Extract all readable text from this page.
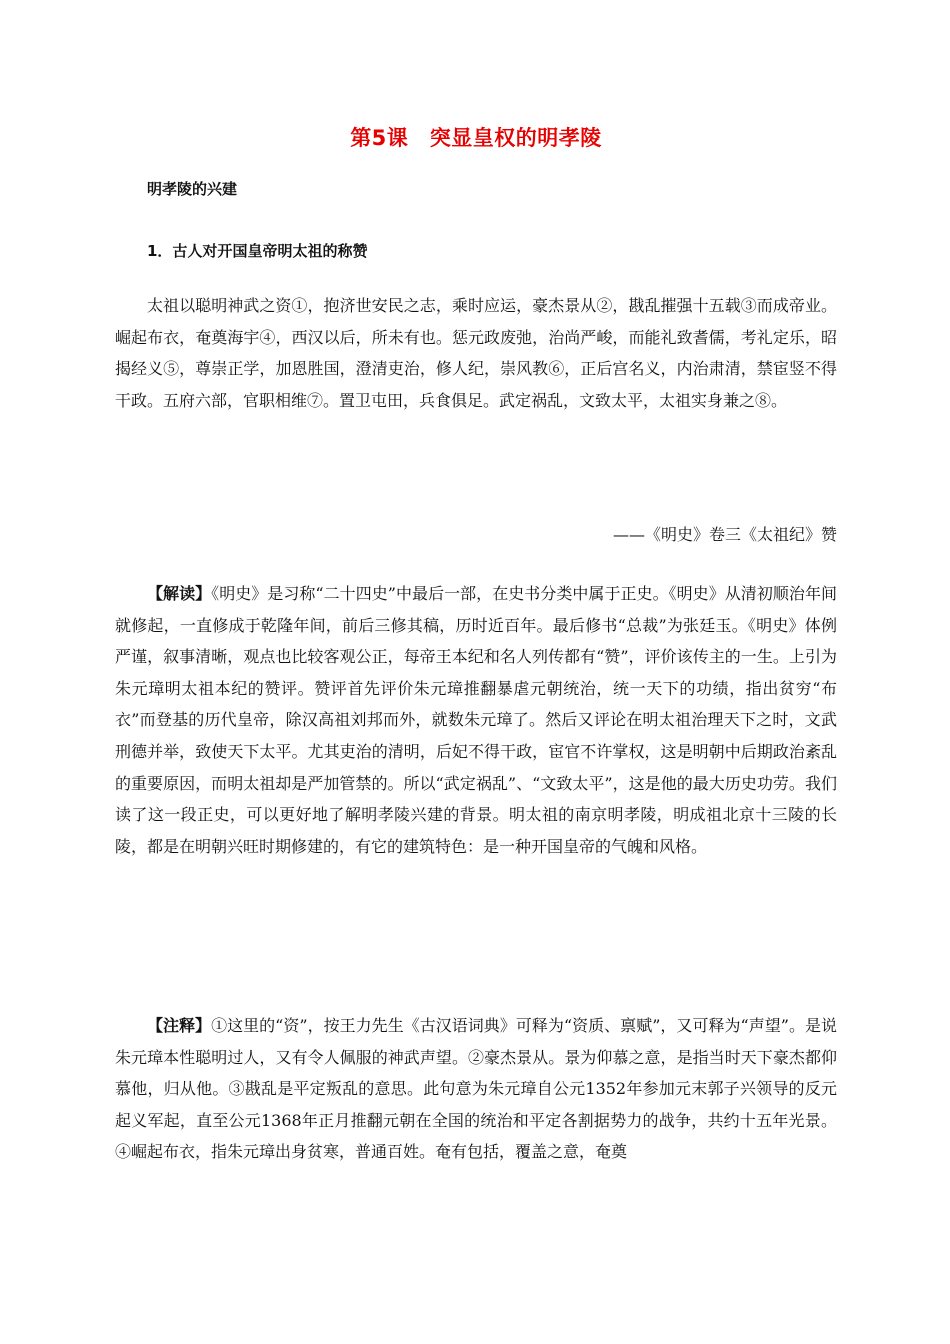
第5课　突显皇权的明孝陵
明孝陵的兴建
1．古人对开国皇帝明太祖的称赞

太祖以聪明神武之资①，抱济世安民之志，乘时应运，豪杰景从②，戡乱摧强十五载③而成帝业。崛起布衣，奄奠海宇④，西汉以后，所未有也。惩元政废弛，治尚严峻，而能礼致耆儒，考礼定乐，昭揭经义⑤，尊崇正学，加恩胜国，澄清吏治，修人纪，崇风教⑥，正后宫名义，内治肃清，禁宦竖不得干政。五府六部，官职相维⑦。置卫屯田，兵食俱足。武定祸乱，文致太平，太祖实身兼之⑧。

——《明史》卷三《太祖纪》赞

【解读】《明史》是习称“二十四史”中最后一部，在史书分类中属于正史。《明史》从清初顺治年间就修起，一直修成于乾隆年间，前后三修其稿，历时近百年。最后修书“总裁”为张廷玉。《明史》体例严谨，叙事清晰，观点也比较客观公正，每帝王本纪和名人列传都有“赞”，评价该传主的一生。上引为朱元璋明太祖本纪的赞评。赞评首先评价朱元璋推翻暴虐元朝统治，统一天下的功绩，指出贫穷“布衣”而登基的历代皇帝，除汉高祖刘邦而外，就数朱元璋了。然后又评论在明太祖治理天下之时，文武刑德并举，致使天下太平。尤其吏治的清明，后妃不得干政，宦官不许掌权，这是明朝中后期政治紊乱的重要原因，而明太祖却是严加管禁的。所以“武定祸乱”、“文致太平”，这是他的最大历史功劳。我们读了这一段正史，可以更好地了解明孝陵兴建的背景。明太祖的南京明孝陵，明成祖北京十三陵的长陵，都是在明朝兴旺时期修建的，有它的建筑特色：是一种开国皇帝的气魄和风格。

【注释】①这里的“资”，按王力先生《古汉语词典》可释为“资质、禀赋”，又可释为“声望”。是说朱元璋本性聪明过人，又有令人佩服的神武声望。②豪杰景从。景为仰慕之意，是指当时天下豪杰都仰慕他，归从他。③戡乱是平定叛乱的意思。此句意为朱元璋自公元1352年参加元末郭子兴领导的反元起义军起，直至公元1368年正月推翻元朝在全国的统治和平定各割据势力的战争，共约十五年光景。④崛起布衣，指朱元璋出身贫寒，普通百姓。奄有包括，覆盖之意，奄奠
